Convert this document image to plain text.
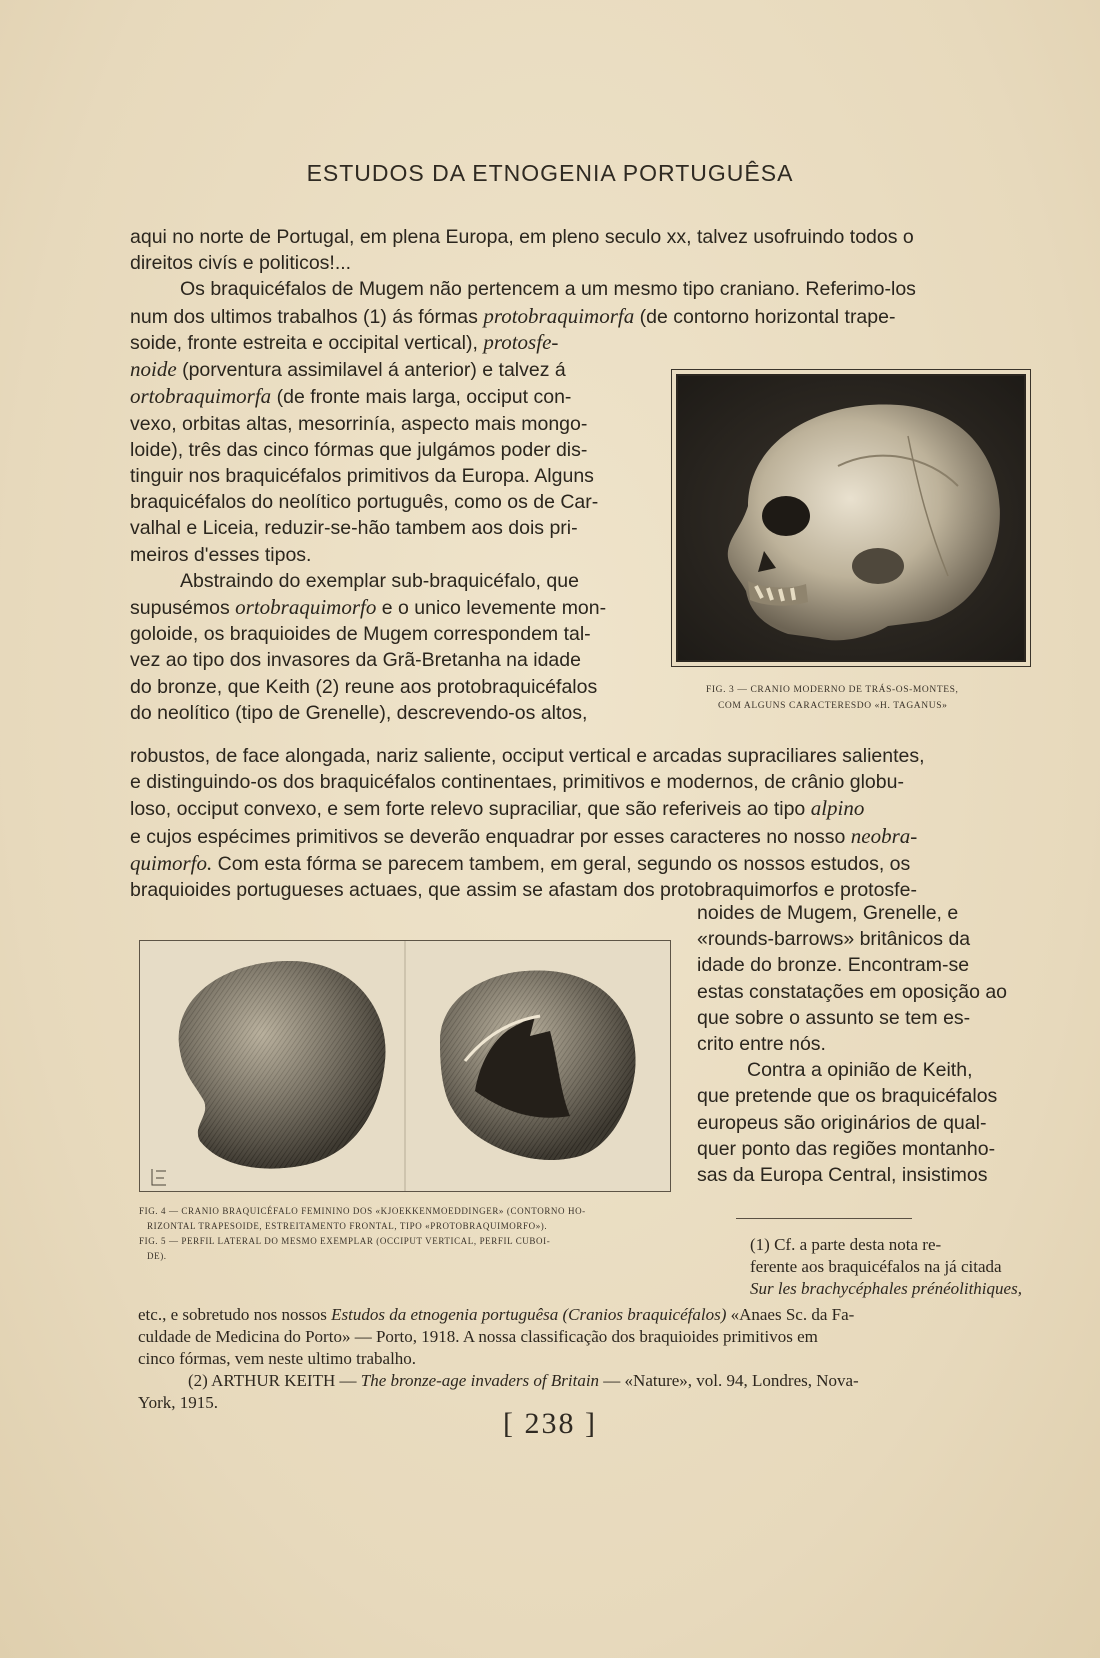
ESTUDOS DA ETNOGENIA PORTUGUÊSA

aqui no norte de Portugal, em plena Europa, em pleno seculo xx, talvez usofruindo todos o

direitos civís e politicos!...

Os braquicéfalos de Mugem não pertencem a um mesmo tipo craniano. Referimo-los

num dos ultimos trabalhos (1) ás fórmas protobraquimorfa (de contorno horizontal trape-

soide, fronte estreita e occipital vertical), protosfe-

noide (porventura assimilavel á anterior) e talvez á

ortobraquimorfa (de fronte mais larga, occiput con-

vexo, orbitas altas, mesorrinía, aspecto mais mongo-

loide), três das cinco fórmas que julgámos poder dis-

tinguir nos braquicéfalos primitivos da Europa. Alguns

braquicéfalos do neolítico português, como os de Car-

valhal e Liceia, reduzir-se-hão tambem aos dois pri-

meiros d'esses tipos.

Abstraindo do exemplar sub-braquicéfalo, que

supusémos ortobraquimorfo e o unico levemente mon-

goloide, os braquioides de Mugem correspondem tal-

vez ao tipo dos invasores da Grã-Bretanha na idade

do bronze, que Keith (2) reune aos protobraquicéfalos

do neolítico (tipo de Grenelle), descrevendo-os altos,

FIG. 3 — CRANIO MODERNO DE TRÁS-OS-MONTES,
COM ALGUNS CARACTERESDO «H. TAGANUS»

robustos, de face alongada, nariz saliente, occiput vertical e arcadas supraciliares salientes,

e distinguindo-os dos braquicéfalos continentaes, primitivos e modernos, de crânio globu-

loso, occiput convexo, e sem forte relevo supraciliar, que são referiveis ao tipo alpino

e cujos espécimes primitivos se deverão enquadrar por esses caracteres no nosso neobra-

quimorfo. Com esta fórma se parecem tambem, em geral, segundo os nossos estudos, os

braquioides portugueses actuaes, que assim se afastam dos protobraquimorfos e protosfe-

noides de Mugem, Grenelle, e

«rounds-barrows» britânicos da

idade do bronze. Encontram-se

estas constatações em oposição ao

que sobre o assunto se tem es-

crito entre nós.

Contra a opinião de Keith,

que pretende que os braquicéfalos

europeus são originários de qual-

quer ponto das regiões montanho-

sas da Europa Central, insistimos

FIG. 4 — CRANIO BRAQUICÉFALO FEMININO DOS «KJOEKKENMOEDDINGER» (CONTORNO HO-
RIZONTAL TRAPESOIDE, ESTREITAMENTO FRONTAL, TIPO «PROTOBRAQUIMORFO»).
FIG. 5 — PERFIL LATERAL DO MESMO EXEMPLAR (OCCIPUT VERTICAL, PERFIL CUBOI-
DE).

(1) Cf. a parte desta nota re-

ferente aos braquicéfalos na já citada

Sur les brachycéphales prénéolithiques,

etc., e sobretudo nos nossos Estudos da etnogenia portuguêsa (Cranios braquicéfalos) «Anaes Sc. da Fa-

culdade de Medicina do Porto» — Porto, 1918. A nossa classificação dos braquioides primitivos em

cinco fórmas, vem neste ultimo trabalho.

(2) ARTHUR KEITH — The bronze-age invaders of Britain — «Nature», vol. 94, Londres, Nova-

York, 1915.

[ 238 ]
